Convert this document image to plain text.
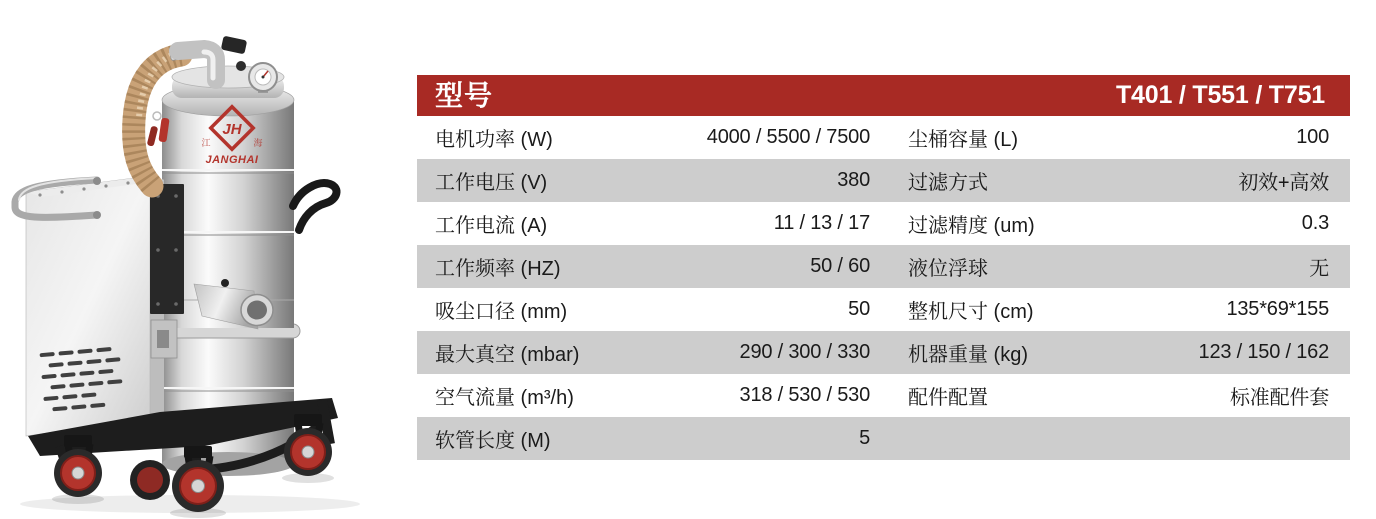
JH
江	海
JANGHAI
型号	T401 / T551 / T751
电机功率 (W)	4000 / 5500 / 7500 尘桶容量 (L)	100
工作电压 (V)	380 过滤方式	初效+高效
工作电流 (A)	11 / 13 / 17 过滤精度 (um)	0.3
工作频率 (HZ)	50 / 60 液位浮球	无
吸尘口径 (mm)	50 整机尺寸 (cm)	135*69*155
最大真空 (mbar)	290 / 300 / 330 机器重量 (kg)	123 / 150 / 162
空气流量 (m³/h)	318 / 530 / 530 配件配置	标准配件套
软管长度 (M)	5
